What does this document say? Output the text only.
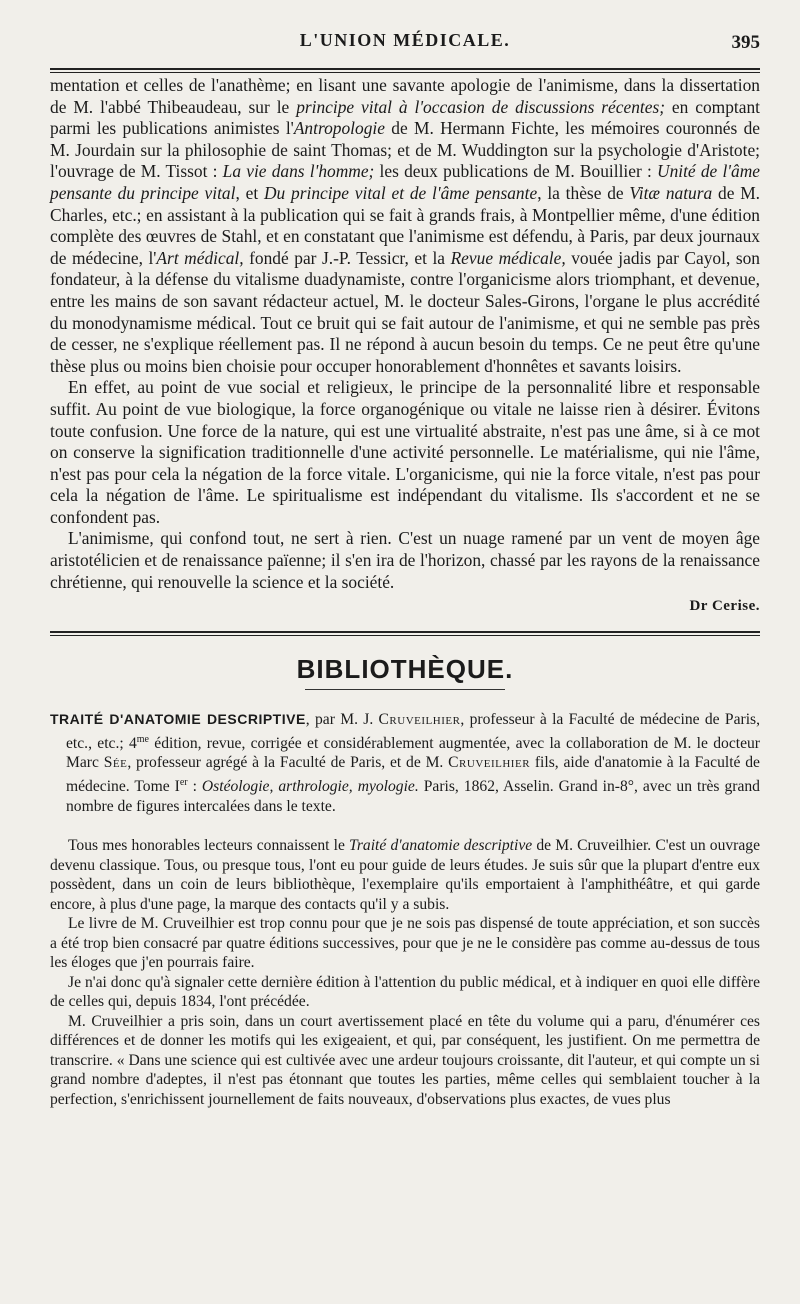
L'UNION MÉDICALE.	395

mentation et celles de l'anathème; en lisant une savante apologie de l'animisme, dans la dissertation de M. l'abbé Thibeaudeau, sur le principe vital à l'occasion de discussions récentes; en comptant parmi les publications animistes l'Antropologie de M. Hermann Fichte, les mémoires couronnés de M. Jourdain sur la philosophie de saint Thomas; et de M. Wuddington sur la psychologie d'Aristote; l'ouvrage de M. Tissot : La vie dans l'homme; les deux publications de M. Bouillier : Unité de l'âme pensante du principe vital, et Du principe vital et de l'âme pensante, la thèse de Vitæ natura de M. Charles, etc.; en assistant à la publication qui se fait à grands frais, à Montpellier même, d'une édition complète des œuvres de Stahl, et en constatant que l'animisme est défendu, à Paris, par deux journaux de médecine, l'Art médical, fondé par J.-P. Tessicr, et la Revue médicale, vouée jadis par Cayol, son fondateur, à la défense du vitalisme duadynamiste, contre l'organicisme alors triomphant, et devenue, entre les mains de son savant rédacteur actuel, M. le docteur Sales-Girons, l'organe le plus accrédité du monodynamisme médical. Tout ce bruit qui se fait autour de l'animisme, et qui ne semble pas près de cesser, ne s'explique réellement pas. Il ne répond à aucun besoin du temps. Ce ne peut être qu'une thèse plus ou moins bien choisie pour occuper honorablement d'honnêtes et savants loisirs.

En effet, au point de vue social et religieux, le principe de la personnalité libre et responsable suffit. Au point de vue biologique, la force organogénique ou vitale ne laisse rien à désirer. Évitons toute confusion. Une force de la nature, qui est une virtualité abstraite, n'est pas une âme, si à ce mot on conserve la signification traditionnelle d'une activité personnelle. Le matérialisme, qui nie l'âme, n'est pas pour cela la négation de la force vitale. L'organicisme, qui nie la force vitale, n'est pas pour cela la négation de l'âme. Le spiritualisme est indépendant du vitalisme. Ils s'accordent et ne se confondent pas.

L'animisme, qui confond tout, ne sert à rien. C'est un nuage ramené par un vent de moyen âge aristotélicien et de renaissance païenne; il s'en ira de l'horizon, chassé par les rayons de la renaissance chrétienne, qui renouvelle la science et la société.

Dr Cerise.
BIBLIOTHÈQUE.

TRAITÉ D'ANATOMIE DESCRIPTIVE, par M. J. Cruveilhier, professeur à la Faculté de médecine de Paris, etc., etc.; $4^{me}$ édition, revue, corrigée et considérablement augmentée, avec la collaboration de M. le docteur Marc Sée, professeur agrégé à la Faculté de Paris, et de M. Cruveilhier fils, aide d'anatomie à la Faculté de médecine. Tome Ier : Ostéologie, arthrologie, myologie. Paris, 1862, Asselin. Grand in-8°, avec un très grand nombre de figures intercalées dans le texte.

Tous mes honorables lecteurs connaissent le Traité d'anatomie descriptive de M. Cruveilhier. C'est un ouvrage devenu classique. Tous, ou presque tous, l'ont eu pour guide de leurs études. Je suis sûr que la plupart d'entre eux possèdent, dans un coin de leurs bibliothèque, l'exemplaire qu'ils emportaient à l'amphithéâtre, et qui garde encore, à plus d'une page, la marque des contacts qu'il y a subis.

Le livre de M. Cruveilhier est trop connu pour que je ne sois pas dispensé de toute appréciation, et son succès a été trop bien consacré par quatre éditions successives, pour que je ne le considère pas comme au-dessus de tous les éloges que j'en pourrais faire.

Je n'ai donc qu'à signaler cette dernière édition à l'attention du public médical, et à indiquer en quoi elle diffère de celles qui, depuis 1834, l'ont précédée.

M. Cruveilhier a pris soin, dans un court avertissement placé en tête du volume qui a paru, d'énumérer ces différences et de donner les motifs qui les exigeaient, et qui, par conséquent, les justifient. On me permettra de transcrire. « Dans une science qui est cultivée avec une ardeur toujours croissante, dit l'auteur, et qui compte un si grand nombre d'adeptes, il n'est pas étonnant que toutes les parties, même celles qui semblaient toucher à la perfection, s'enrichissent journellement de faits nouveaux, d'observations plus exactes, de vues plus
